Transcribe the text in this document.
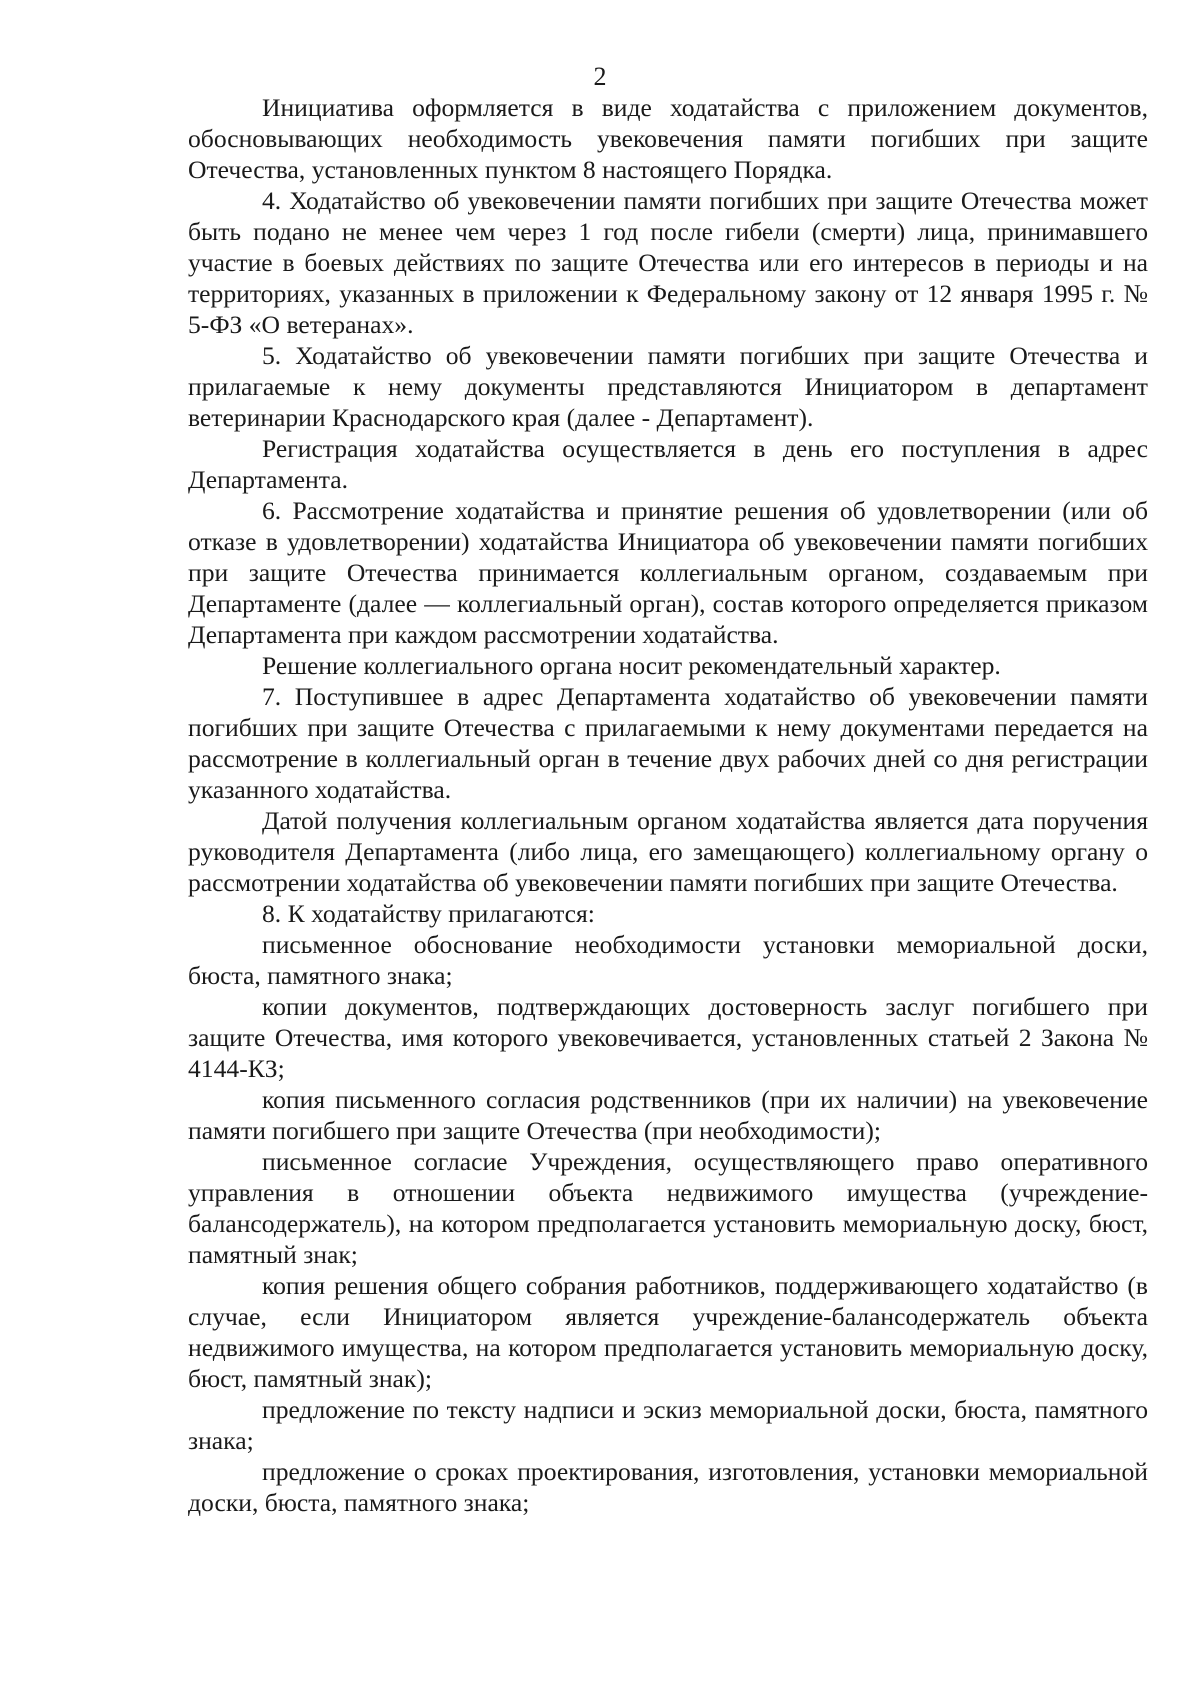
2

Инициатива оформляется в виде ходатайства с приложением документов, обосновывающих необходимость увековечения памяти погибших при защите Отечества, установленных пунктом 8 настоящего Порядка.

4. Ходатайство об увековечении памяти погибших при защите Отечества может быть подано не менее чем через 1 год после гибели (смерти) лица, принимавшего участие в боевых действиях по защите Отечества или его интересов в периоды и на территориях, указанных в приложении к Федеральному закону от 12 января 1995 г. № 5-ФЗ «О ветеранах».

5. Ходатайство об увековечении памяти погибших при защите Отечества и прилагаемые к нему документы представляются Инициатором в департамент ветеринарии Краснодарского края (далее - Департамент).

Регистрация ходатайства осуществляется в день его поступления в адрес Департамента.

6. Рассмотрение ходатайства и принятие решения об удовлетворении (или об отказе в удовлетворении) ходатайства Инициатора об увековечении памяти погибших при защите Отечества принимается коллегиальным органом, создаваемым при Департаменте (далее — коллегиальный орган), состав которого определяется приказом Департамента при каждом рассмотрении ходатайства.

Решение коллегиального органа носит рекомендательный характер.

7. Поступившее в адрес Департамента ходатайство об увековечении памяти погибших при защите Отечества с прилагаемыми к нему документами передается на рассмотрение в коллегиальный орган в течение двух рабочих дней со дня регистрации указанного ходатайства.

Датой получения коллегиальным органом ходатайства является дата поручения руководителя Департамента (либо лица, его замещающего) коллегиальному органу о рассмотрении ходатайства об увековечении памяти погибших при защите Отечества.

8. К ходатайству прилагаются:

письменное обоснование необходимости установки мемориальной доски, бюста, памятного знака;

копии документов, подтверждающих достоверность заслуг погибшего при защите Отечества, имя которого увековечивается, установленных статьей 2 Закона № 4144-КЗ;

копия письменного согласия родственников (при их наличии) на увековечение памяти погибшего при защите Отечества (при необходимости);

письменное согласие Учреждения, осуществляющего право оперативного управления в отношении объекта недвижимого имущества (учреждение-балансодержатель), на котором предполагается установить мемориальную доску, бюст, памятный знак;

копия решения общего собрания работников, поддерживающего ходатайство (в случае, если Инициатором является учреждение-балансодержатель объекта недвижимого имущества, на котором предполагается установить мемориальную доску, бюст, памятный знак);

предложение по тексту надписи и эскиз мемориальной доски, бюста, памятного знака;

предложение о сроках проектирования, изготовления, установки мемориальной доски, бюста, памятного знака;
